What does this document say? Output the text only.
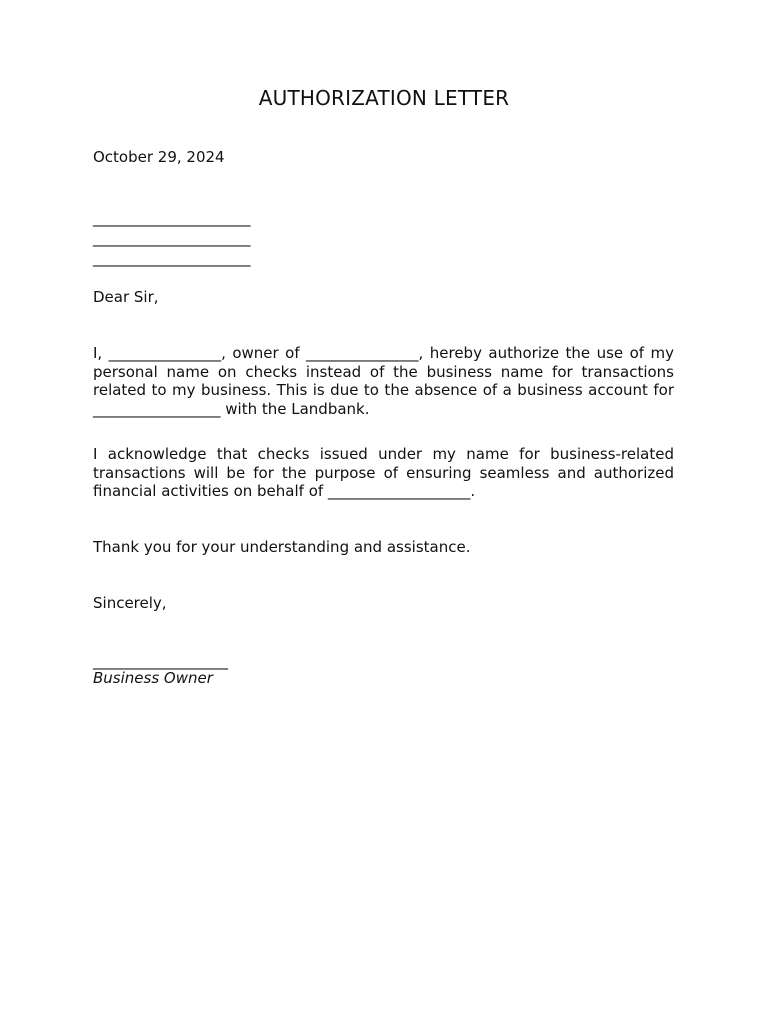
AUTHORIZATION LETTER
October 29, 2024
_____________________
_____________________
_____________________
Dear Sir,
I, _______________, owner of _______________, hereby authorize the use of my personal name on checks instead of the business name for transactions related to my business. This is due to the absence of a business account for _________________ with the Landbank.
I acknowledge that checks issued under my name for business-related transactions will be for the purpose of ensuring seamless and authorized financial activities on behalf of ___________________.
Thank you for your understanding and assistance.
Sincerely,
__________________
Business Owner
